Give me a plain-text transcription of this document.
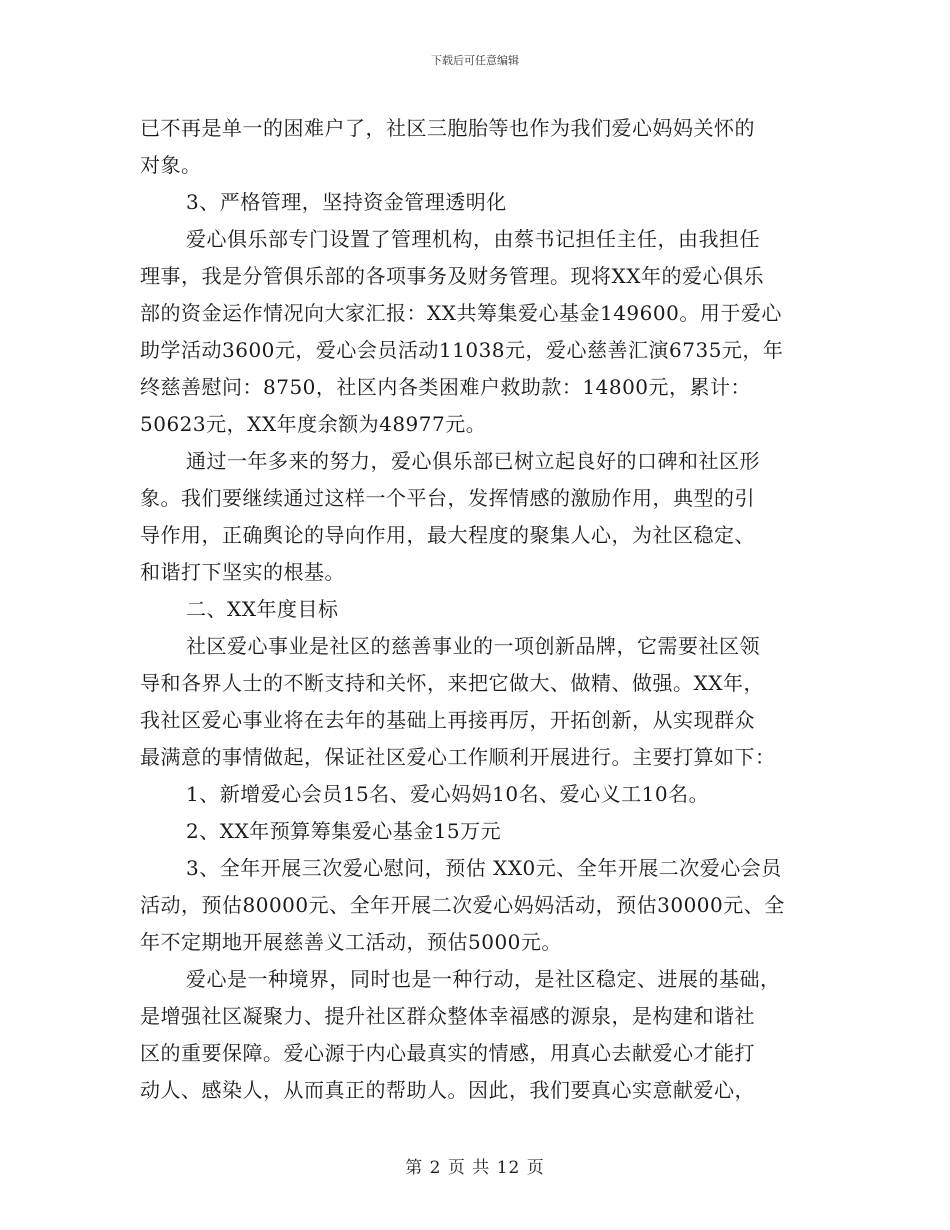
下载后可任意编辑
已不再是单一的困难户了，社区三胞胎等也作为我们爱心妈妈关怀的
对象。
3、严格管理，坚持资金管理透明化
爱心俱乐部专门设置了管理机构，由蔡书记担任主任，由我担任
理事，我是分管俱乐部的各项事务及财务管理。现将XX年的爱心俱乐
部的资金运作情况向大家汇报：XX共筹集爱心基金149600。用于爱心
助学活动3600元，爱心会员活动11038元，爱心慈善汇演6735元，年
终慈善慰问：8750，社区内各类困难户救助款：14800元，累计：
50623元，XX年度余额为48977元。
通过一年多来的努力，爱心俱乐部已树立起良好的口碑和社区形
象。我们要继续通过这样一个平台，发挥情感的激励作用，典型的引
导作用，正确舆论的导向作用，最大程度的聚集人心，为社区稳定、
和谐打下坚实的根基。
二、XX年度目标
社区爱心事业是社区的慈善事业的一项创新品牌，它需要社区领
导和各界人士的不断支持和关怀，来把它做大、做精、做强。XX年，
我社区爱心事业将在去年的基础上再接再厉，开拓创新，从实现群众
最满意的事情做起，保证社区爱心工作顺利开展进行。主要打算如下：
1、新增爱心会员15名、爱心妈妈10名、爱心义工10名。
2、XX年预算筹集爱心基金15万元
3、全年开展三次爱心慰问，预估 XX0元、全年开展二次爱心会员
活动，预估80000元、全年开展二次爱心妈妈活动，预估30000元、全
年不定期地开展慈善义工活动，预估5000元。
爱心是一种境界，同时也是一种行动，是社区稳定、进展的基础，
是增强社区凝聚力、提升社区群众整体幸福感的源泉，是构建和谐社
区的重要保障。爱心源于内心最真实的情感，用真心去献爱心才能打
动人、感染人，从而真正的帮助人。因此，我们要真心实意献爱心，
第 2 页 共 12 页
